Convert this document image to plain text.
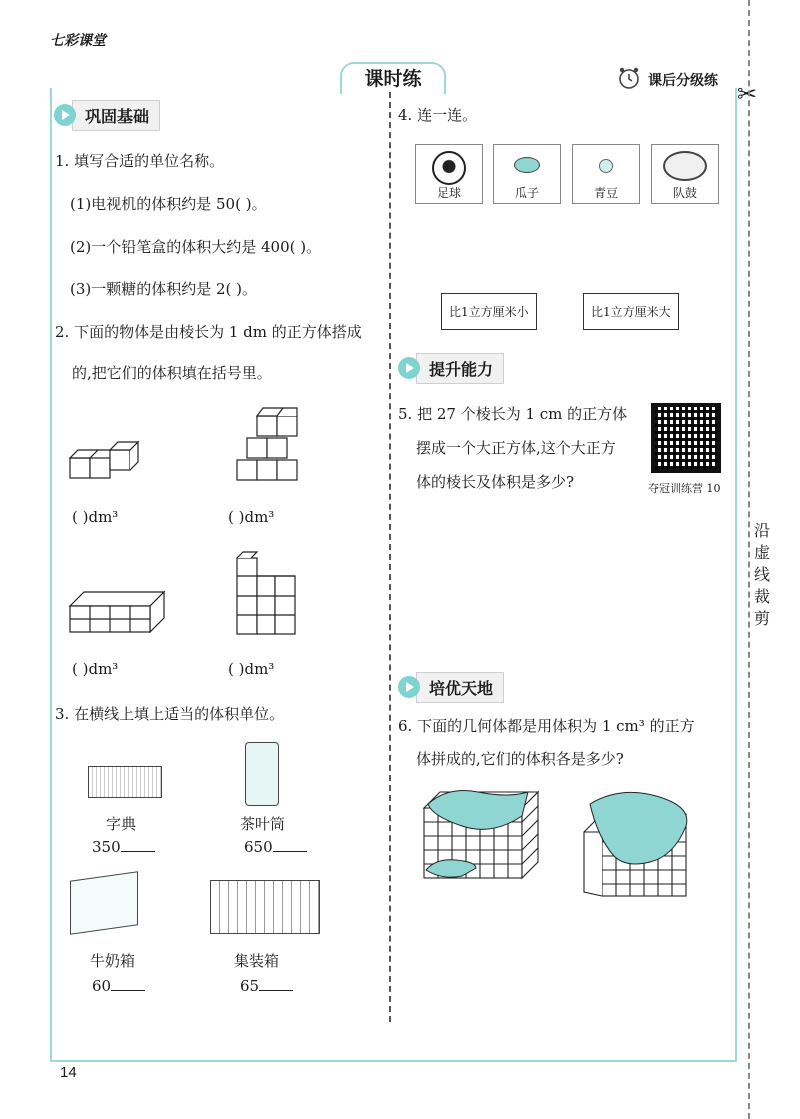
七彩课堂
课时练	课后分级练 ✂
巩固基础
1. 填写合适的单位名称。
(1)电视机的体积约是 50( )。
(2)一个铅笔盒的体积大约是 400( )。
(3)一颗糖的体积约是 2( )。
2. 下面的物体是由棱长为 1 dm 的正方体搭成
的,把它们的体积填在括号里。
( )dm³	( )dm³
( )dm³	( )dm³
3. 在横线上填上适当的体积单位。
字典	茶叶筒
350	650
牛奶箱	集装箱
60	65
4. 连一连。
足球	瓜子	青豆	队鼓
比1立方厘米小	比1立方厘米大
提升能力
5. 把 27 个棱长为 1 cm 的正方体
摆成一个大正方体,这个大正方
体的棱长及体积是多少?	夺冠训练营 10
培优天地
6. 下面的几何体都是用体积为 1 cm³ 的正方
体拼成的,它们的体积各是多少?
沿虚线裁剪
14
